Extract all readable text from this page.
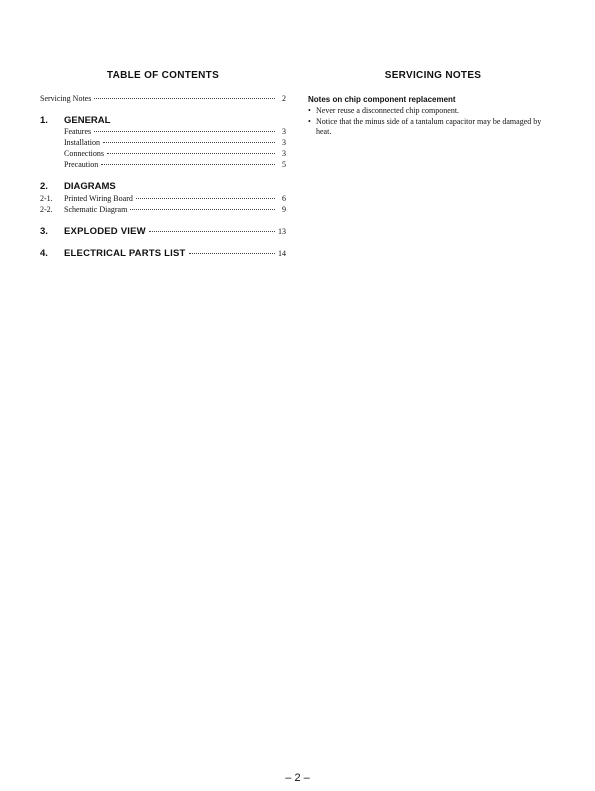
TABLE OF CONTENTS
Servicing Notes	2
1.	GENERAL
Features	3
Installation	3
Connections	3
Precaution	5
2.	DIAGRAMS
2-1.	Printed Wiring Board	6
2-2.	Schematic Diagram	9
3.	EXPLODED VIEW	13
4.	ELECTRICAL PARTS LIST	14
SERVICING NOTES
Notes on chip component replacement
• Never reuse a disconnected chip component.
• Notice that the minus side of a tantalum capacitor may be damaged by heat.
– 2 –
